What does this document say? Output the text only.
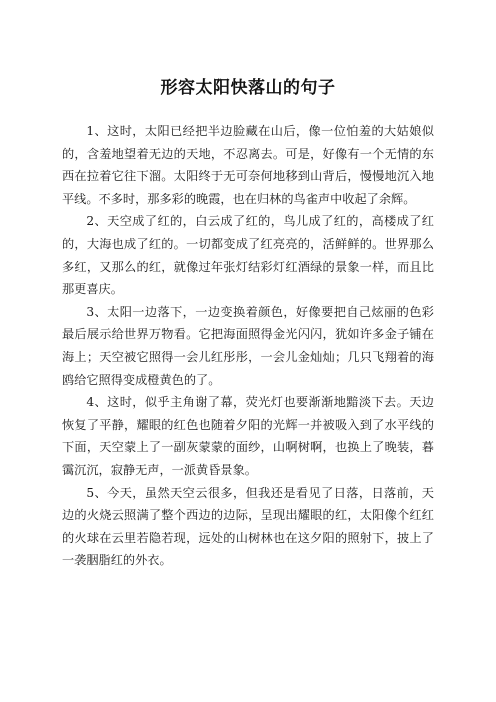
形容太阳快落山的句子

1、这时，太阳已经把半边脸藏在山后，像一位怕羞的大姑娘似的，含羞地望着无边的天地，不忍离去。可是，好像有一个无情的东西在拉着它往下溜。太阳终于无可奈何地移到山背后，慢慢地沉入地平线。不多时，那多彩的晚霞，也在归林的鸟雀声中收起了余辉。

2、天空成了红的，白云成了红的，鸟儿成了红的，高楼成了红的，大海也成了红的。一切都变成了红亮亮的，活鲜鲜的。世界那么多红，又那么的红，就像过年张灯结彩灯红酒绿的景象一样，而且比那更喜庆。

3、太阳一边落下，一边变换着颜色，好像要把自己炫丽的色彩最后展示给世界万物看。它把海面照得金光闪闪，犹如许多金子铺在海上；天空被它照得一会儿红彤彤，一会儿金灿灿；几只飞翔着的海鸥给它照得变成橙黄色的了。

4、这时，似乎主角谢了幕，荧光灯也要渐渐地黯淡下去。天边恢复了平静，耀眼的红色也随着夕阳的光辉一并被吸入到了水平线的下面，天空蒙上了一副灰蒙蒙的面纱，山啊树啊，也换上了晚装，暮霭沉沉，寂静无声，一派黄昏景象。

5、今天，虽然天空云很多，但我还是看见了日落，日落前，天边的火烧云照满了整个西边的边际，呈现出耀眼的红，太阳像个红红的火球在云里若隐若现，远处的山树林也在这夕阳的照射下，披上了一袭胭脂红的外衣。
